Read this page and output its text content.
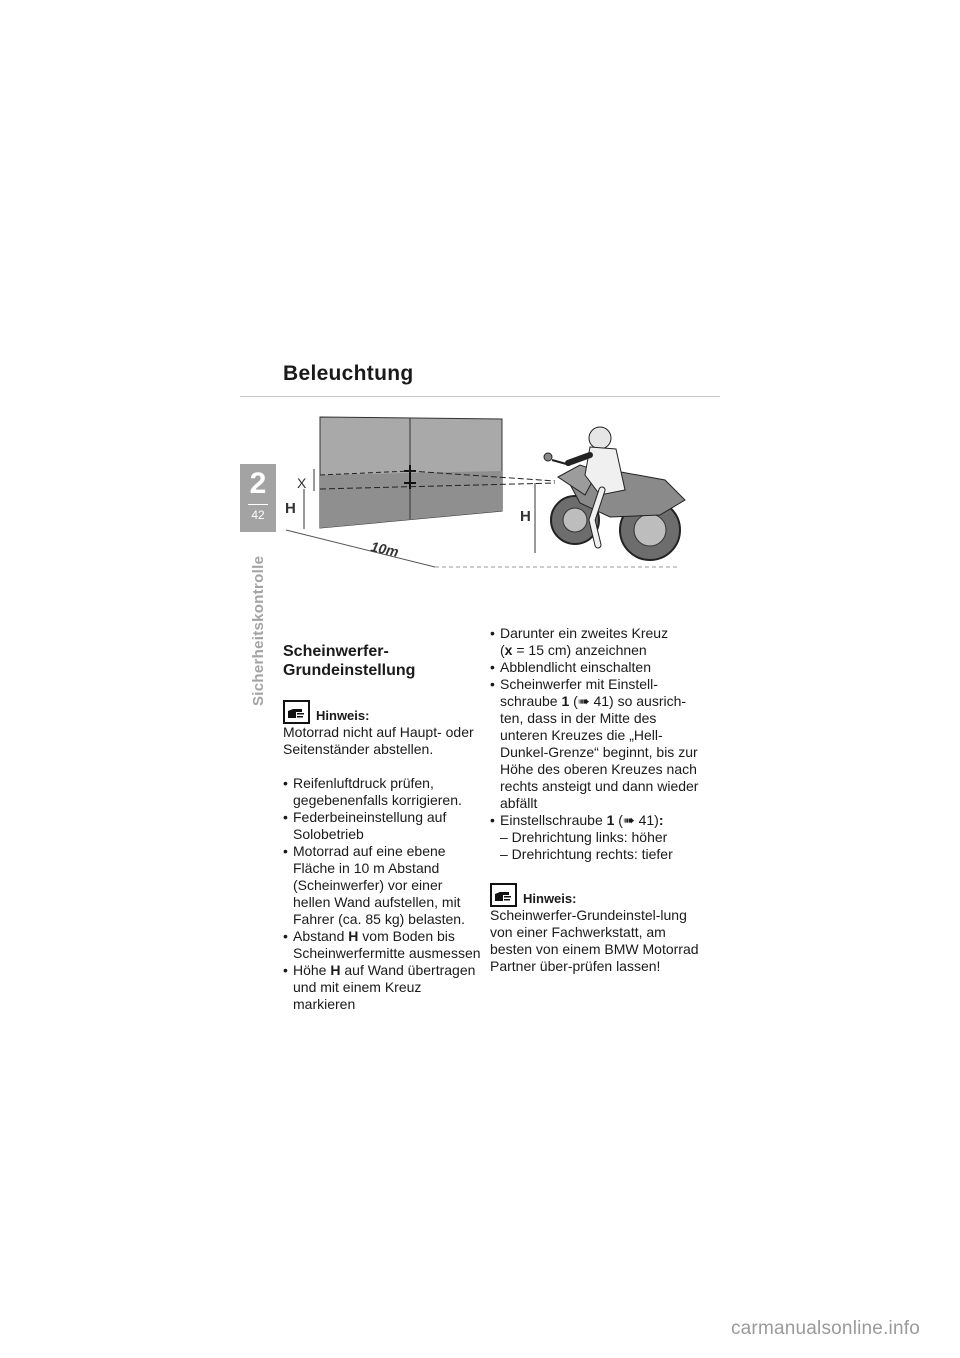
Beleuchtung
2
42
Sicherheitskontrolle
X
H	H
10m
Scheinwerfer-
Grundeinstellung
Hinweis:

Motorrad nicht auf Haupt- oder Seitenständer abstellen.

• Reifenluftdruck prüfen, gegebenenfalls korrigieren.
• Federbeineinstellung auf Solobetrieb
• Motorrad auf eine ebene Fläche in 10 m Abstand (Scheinwerfer) vor einer hellen Wand aufstellen, mit Fahrer (ca. 85 kg) belasten.
• Abstand H vom Boden bis Scheinwerfermitte ausmessen
• Höhe H auf Wand übertragen und mit einem Kreuz markieren
• Darunter ein zweites Kreuz
(x = 15 cm) anzeichnen
• Abblendlicht einschalten
• Scheinwerfer mit Einstell-schraube 1 (➠ 41) so ausrich-ten, dass in der Mitte des unteren Kreuzes die „Hell-Dunkel-Grenze“ beginnt, bis zur Höhe des oberen Kreuzes nach rechts ansteigt und dann wieder abfällt
• Einstellschraube 1 (➠ 41):
– Drehrichtung links: höher
– Drehrichtung rechts: tiefer
Hinweis:

Scheinwerfer-Grundeinstel-lung von einer Fachwerkstatt, am besten von einem BMW Motorrad Partner über-prüfen lassen!

carmanualsonline.info
